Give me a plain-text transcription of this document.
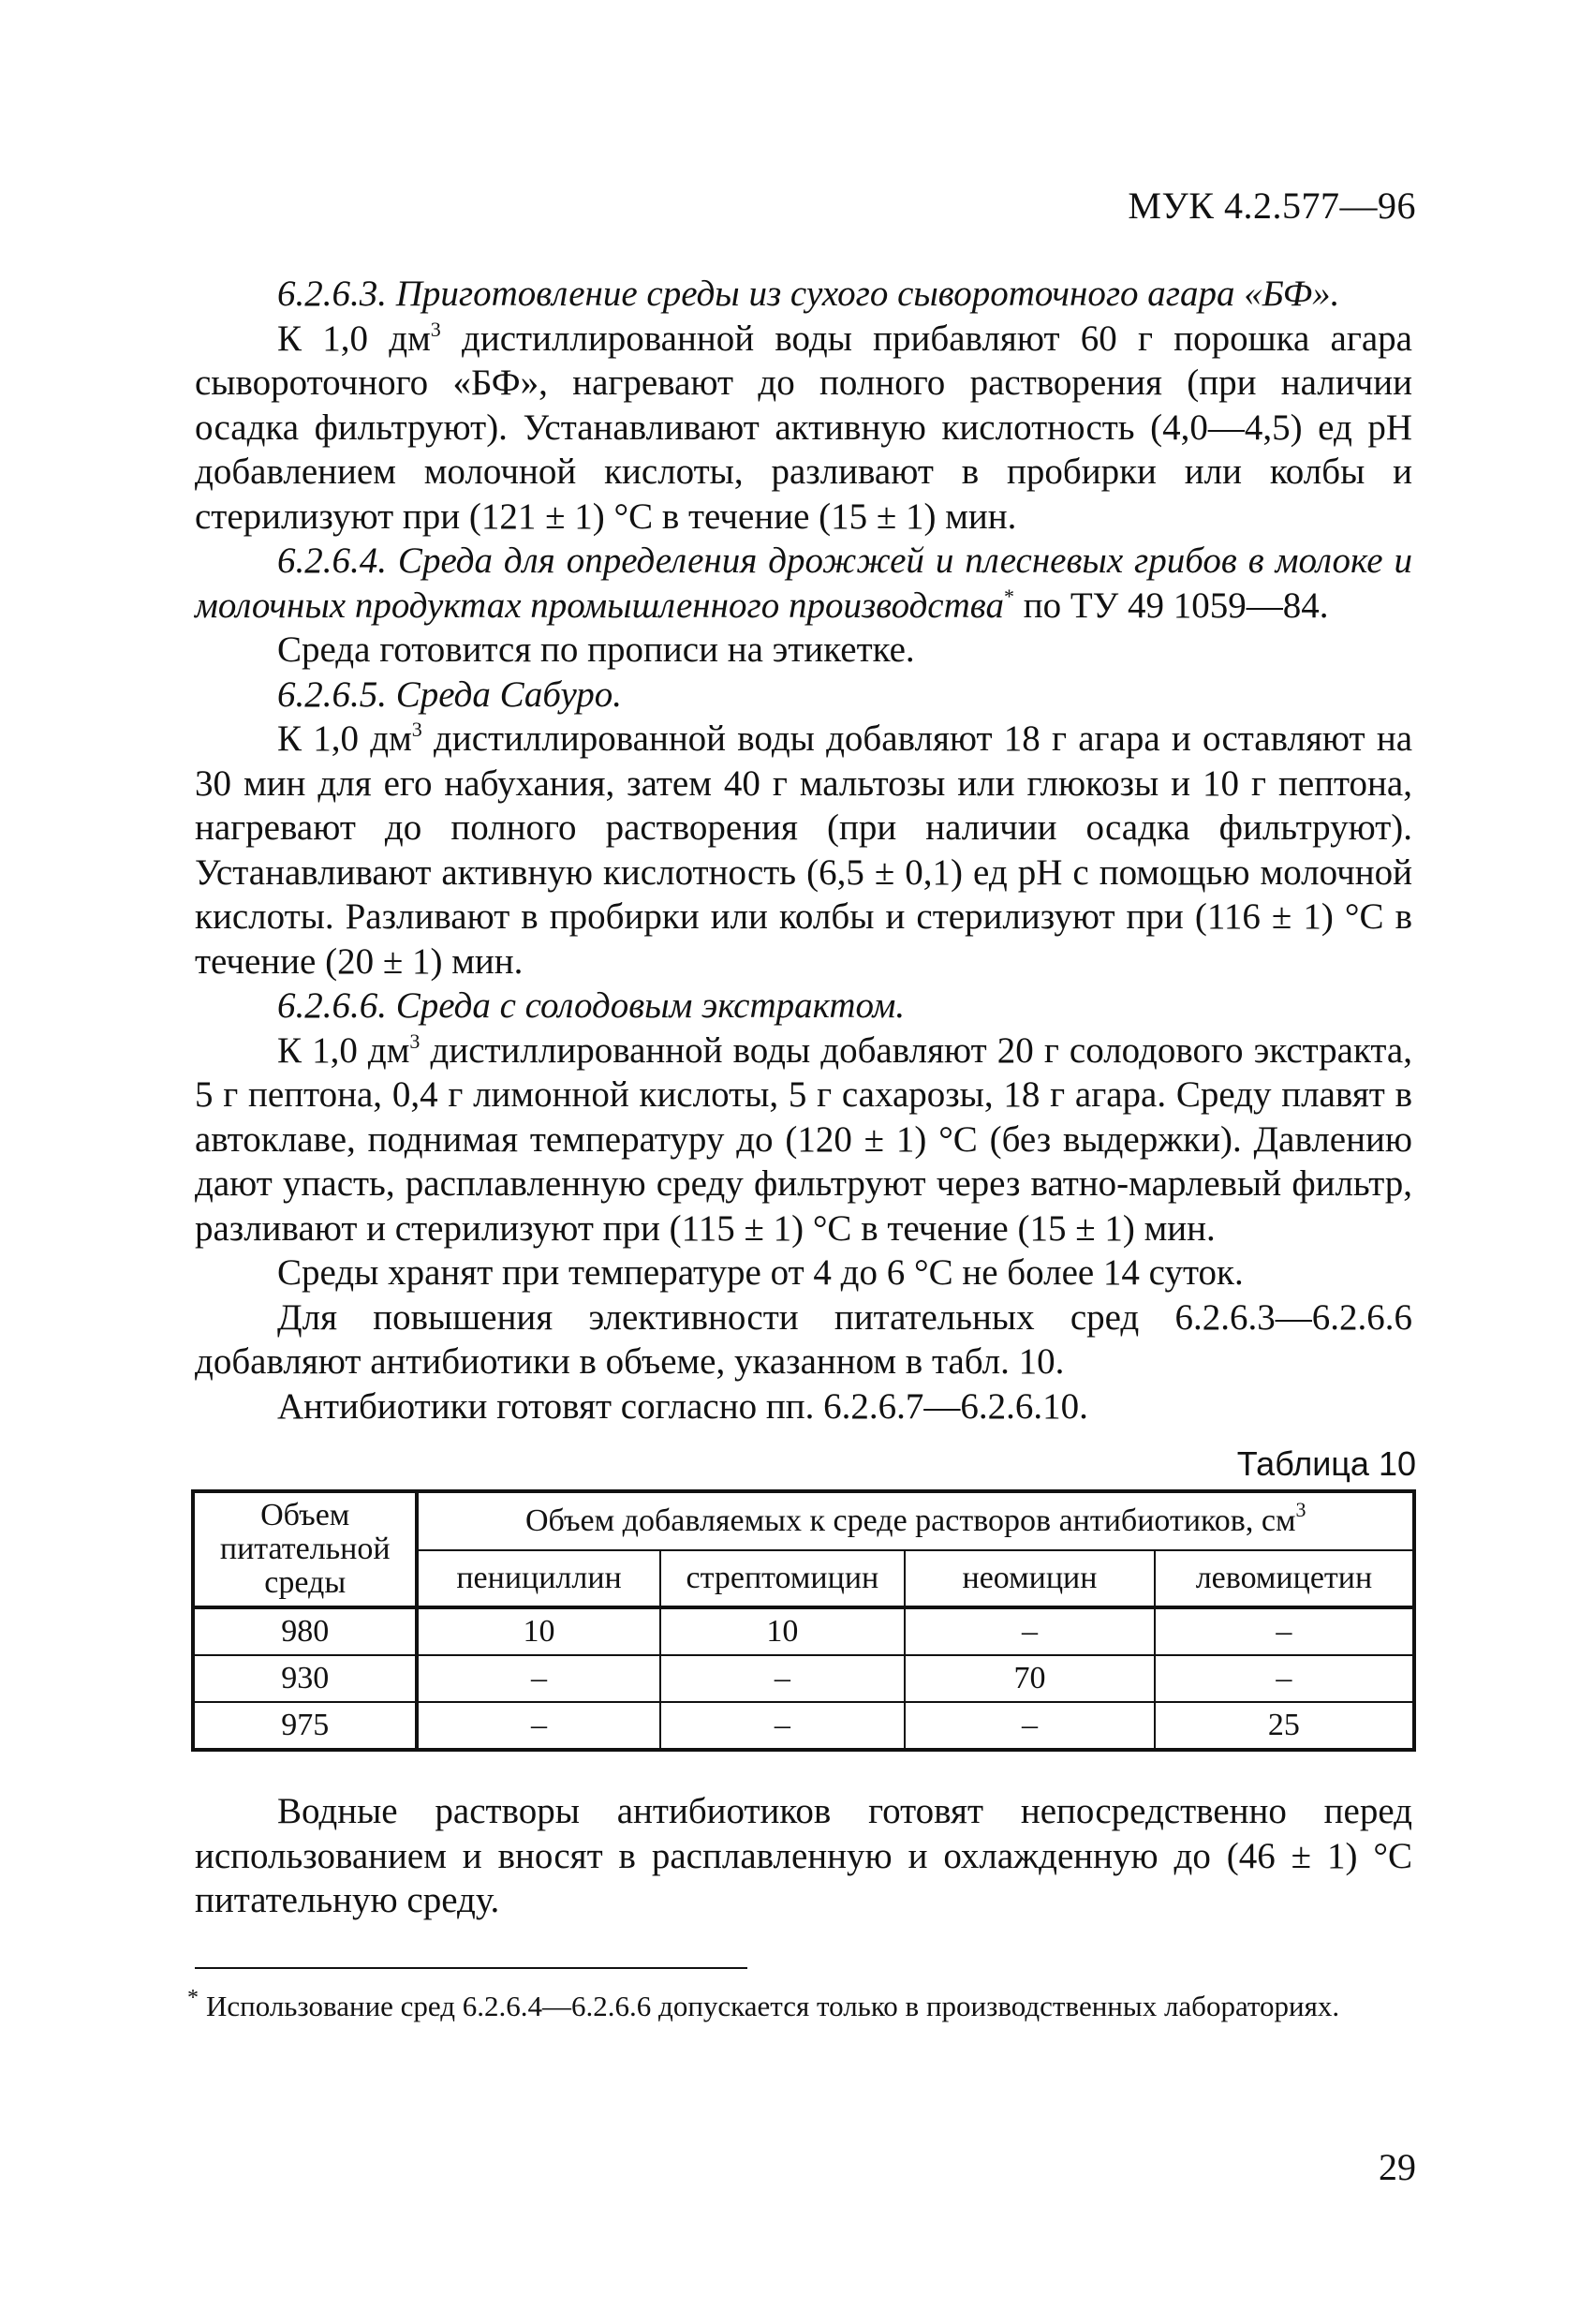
МУК 4.2.577—96

6.2.6.3. Приготовление среды из сухого сывороточного агара «БФ».

К 1,0 $дм^3$ дистиллированной воды прибавляют 60 г порошка агара сывороточного «БФ», нагревают до полного растворения (при наличии осадка фильтруют). Устанавливают активную кислотность (4,0—4,5) ед pH добавлением молочной кислоты, разливают в пробирки или колбы и стерилизуют при (121 ± 1) °С в течение (15 ± 1) мин.

6.2.6.4. Среда для определения дрожжей и плесневых грибов в молоке и молочных продуктах промышленного производства* по ТУ 49 1059—84.

Среда готовится по прописи на этикетке.

6.2.6.5. Среда Сабуро.

К 1,0 $дм^3$ дистиллированной воды добавляют 18 г агара и оставляют на 30 мин для его набухания, затем 40 г мальтозы или глюкозы и 10 г пептона, нагревают до полного растворения (при наличии осадка фильтруют). Устанавливают активную кислотность (6,5 ± 0,1) ед pH с помощью молочной кислоты. Разливают в пробирки или колбы и стерилизуют при (116 ± 1) °С в течение (20 ± 1) мин.

6.2.6.6. Среда с солодовым экстрактом.

К 1,0 $дм^3$ дистиллированной воды добавляют 20 г солодового экстракта, 5 г пептона, 0,4 г лимонной кислоты, 5 г сахарозы, 18 г агара. Среду плавят в автоклаве, поднимая температуру до (120 ± 1) °С (без выдержки). Давлению дают упасть, расплавленную среду фильтруют через ватно-марлевый фильтр, разливают и стерилизуют при (115 ± 1) °С в течение (15 ± 1) мин.

Среды хранят при температуре от 4 до 6 °С не более 14 суток.

Для повышения элективности питательных сред 6.2.6.3—6.2.6.6 добавляют антибиотики в объеме, указанном в табл. 10.

Антибиотики готовят согласно пп. 6.2.6.7—6.2.6.10.

Таблица 10
Объем питательной среды	Объем добавляемых к среде растворов антибиотиков, $см^3$
	пенициллин	стрептомицин	неомицин	левомицетин
980	10	10	–	–
930	–	–	70	–
975	–	–	–	25

Водные растворы антибиотиков готовят непосредственно перед использованием и вносят в расплавленную и охлажденную до (46 ± 1) °С питательную среду.

* Использование сред 6.2.6.4—6.2.6.6 допускается только в производственных лабораториях.
29
